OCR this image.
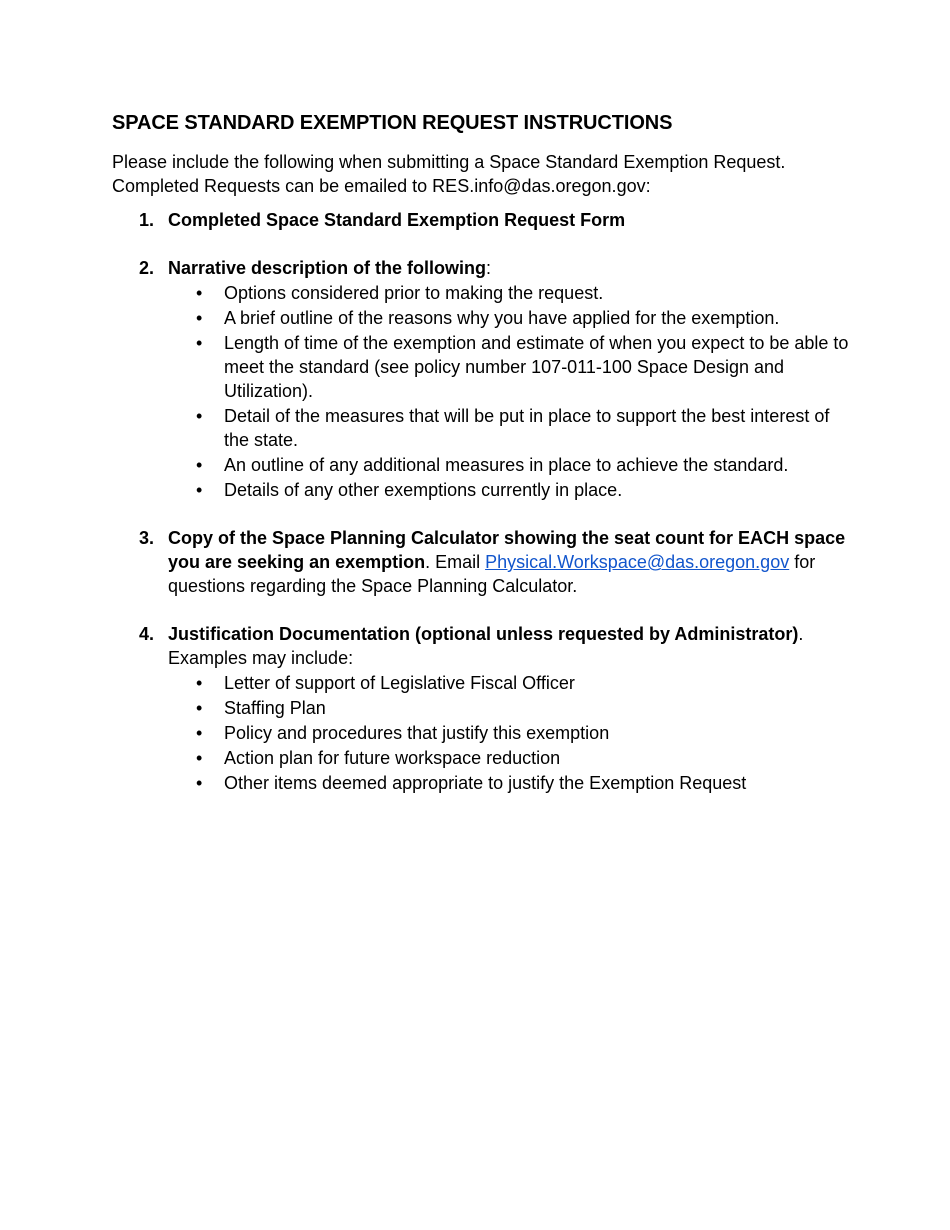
SPACE STANDARD EXEMPTION REQUEST INSTRUCTIONS

Please include the following when submitting a Space Standard Exemption Request.
Completed Requests can be emailed to RES.info@das.oregon.gov:

1. Completed Space Standard Exemption Request Form
2. Narrative description of the following:
• Options considered prior to making the request.
• A brief outline of the reasons why you have applied for the exemption.
• Length of time of the exemption and estimate of when you expect to be able to meet the standard (see policy number 107-011-100 Space Design and Utilization).
• Detail of the measures that will be put in place to support the best interest of the state.
• An outline of any additional measures in place to achieve the standard.
• Details of any other exemptions currently in place.
3. Copy of the Space Planning Calculator showing the seat count for EACH space you are seeking an exemption. Email Physical.Workspace@das.oregon.gov for questions regarding the Space Planning Calculator.
4. Justification Documentation (optional unless requested by Administrator).
Examples may include:
• Letter of support of Legislative Fiscal Officer
• Staffing Plan
• Policy and procedures that justify this exemption
• Action plan for future workspace reduction
• Other items deemed appropriate to justify the Exemption Request
